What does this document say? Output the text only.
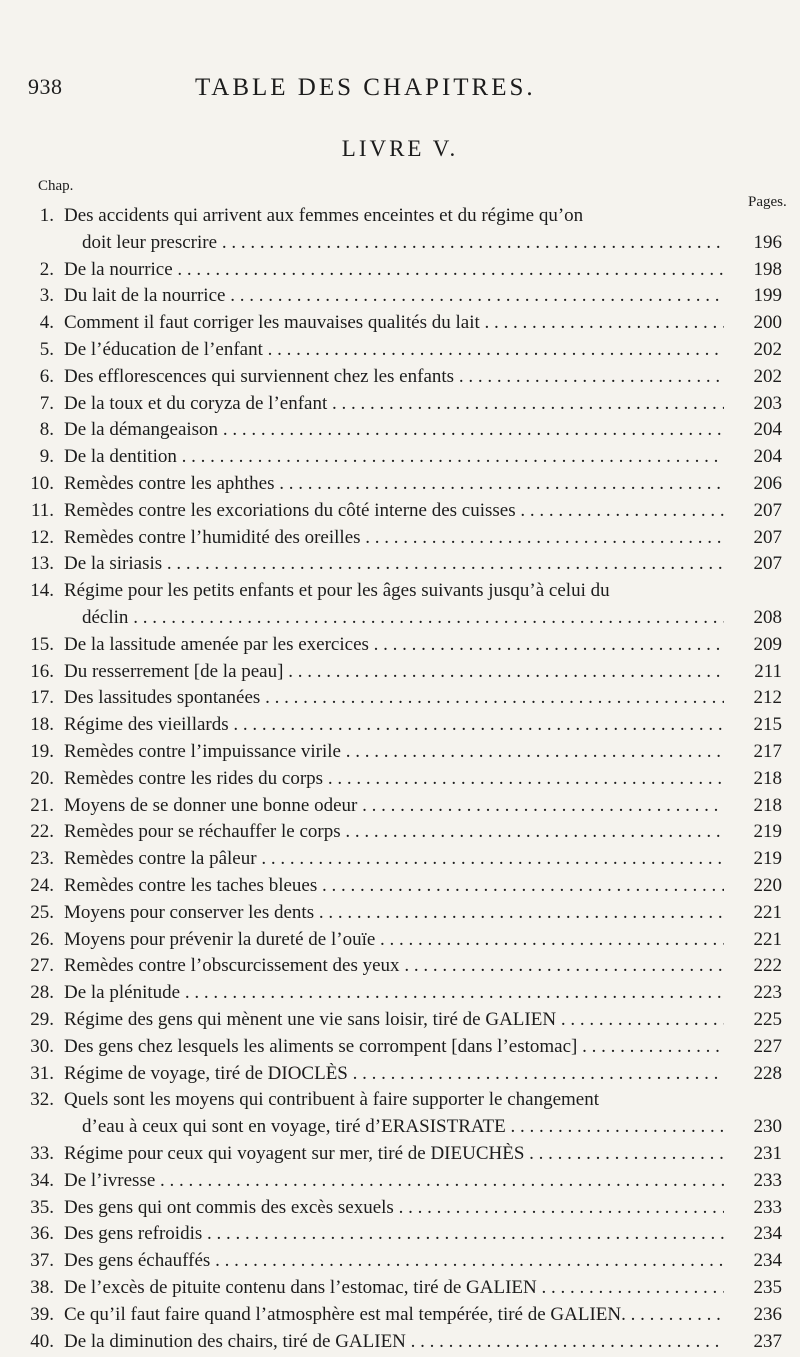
938	TABLE DES CHAPITRES.
LIVRE V.
Chap.
Pages.
1. Des accidents qui arrivent aux femmes enceintes et du régime qu’on
doit leur prescrire . . .	196
2. De la nourrice . . .	198
3. Du lait de la nourrice . . .	199
4. Comment il faut corriger les mauvaises qualités du lait . . .	200
5. De l’éducation de l’enfant . . .	202
6. Des efflorescences qui surviennent chez les enfants . . .	202
7. De la toux et du coryza de l’enfant . . .	203
8. De la démangeaison . . .	204
9. De la dentition . . .	204
10. Remèdes contre les aphthes . . .	206
11. Remèdes contre les excoriations du côté interne des cuisses . . .	207
12. Remèdes contre l’humidité des oreilles . . .	207
13. De la siriasis . . .	207
14. Régime pour les petits enfants et pour les âges suivants jusqu’à celui du
déclin . . .	208
15. De la lassitude amenée par les exercices . . .	209
16. Du resserrement [de la peau] . . .	211
17. Des lassitudes spontanées . . .	212
18. Régime des vieillards . . .	215
19. Remèdes contre l’impuissance virile . . .	217
20. Remèdes contre les rides du corps . . .	218
21. Moyens de se donner une bonne odeur . . .	218
22. Remèdes pour se réchauffer le corps . . .	219
23. Remèdes contre la pâleur . . .	219
24. Remèdes contre les taches bleues . . .	220
25. Moyens pour conserver les dents . . .	221
26. Moyens pour prévenir la dureté de l’ouïe . . .	221
27. Remèdes contre l’obscurcissement des yeux . . .	222
28. De la plénitude . . .	223
29. Régime des gens qui mènent une vie sans loisir, tiré de GALIEN . . .	225
30. Des gens chez lesquels les aliments se corrompent [dans l’estomac] . . .	227
31. Régime de voyage, tiré de DIOCLÈS . . .	228
32. Quels sont les moyens qui contribuent à faire supporter le changement
d’eau à ceux qui sont en voyage, tiré d’ERASISTRATE . . .	230
33. Régime pour ceux qui voyagent sur mer, tiré de DIEUCHÈS . . .	231
34. De l’ivresse . . .	233
35. Des gens qui ont commis des excès sexuels . . .	233
36. Des gens refroidis . . .	234
37. Des gens échauffés . . .	234
38. De l’excès de pituite contenu dans l’estomac, tiré de GALIEN . . .	235
39. Ce qu’il faut faire quand l’atmosphère est mal tempérée, tiré de GALIEN. . . .	236
40. De la diminution des chairs, tiré de GALIEN . . .	237
